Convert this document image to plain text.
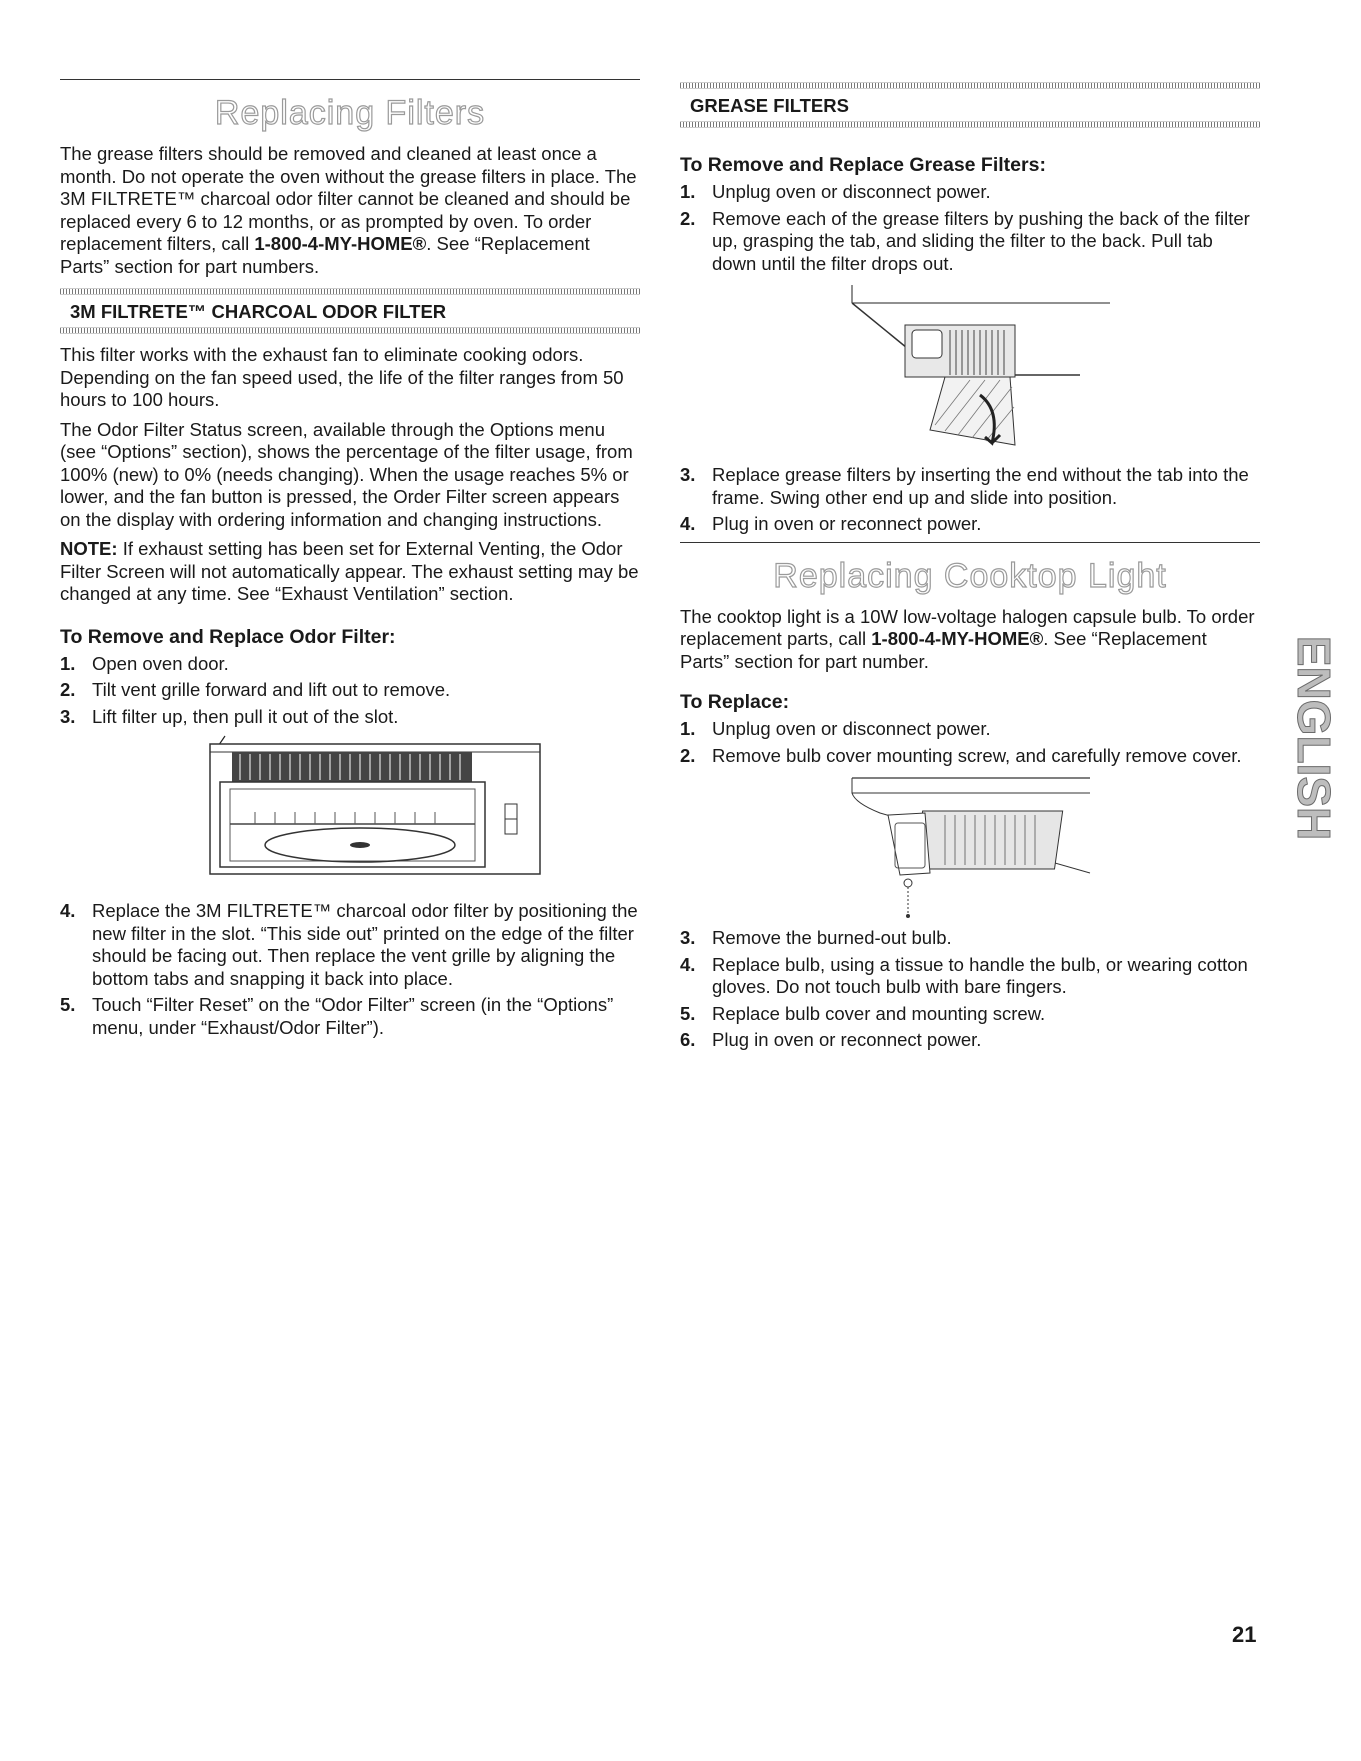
Replacing Filters

The grease filters should be removed and cleaned at least once a month. Do not operate the oven without the grease filters in place. The 3M FILTRETE™ charcoal odor filter cannot be cleaned and should be replaced every 6 to 12 months, or as prompted by oven. To order replacement filters, call 1-800-4-MY-HOME®. See “Replacement Parts” section for part numbers.

3M FILTRETE™ CHARCOAL ODOR FILTER

This filter works with the exhaust fan to eliminate cooking odors. Depending on the fan speed used, the life of the filter ranges from 50 hours to 100 hours.

The Odor Filter Status screen, available through the Options menu (see “Options” section), shows the percentage of the filter usage, from 100% (new) to 0% (needs changing). When the usage reaches 5% or lower, and the fan button is pressed, the Order Filter screen appears on the display with ordering information and changing instructions.

NOTE: If exhaust setting has been set for External Venting, the Odor Filter Screen will not automatically appear. The exhaust setting may be changed at any time. See “Exhaust Ventilation” section.

To Remove and Replace Odor Filter:
1. Open oven door.
2. Tilt vent grille forward and lift out to remove.
3. Lift filter up, then pull it out of the slot.
4. Replace the 3M FILTRETE™ charcoal odor filter by positioning the new filter in the slot. “This side out” printed on the edge of the filter should be facing out. Then replace the vent grille by aligning the bottom tabs and snapping it back into place.
5. Touch “Filter Reset” on the “Odor Filter” screen (in the “Options” menu, under “Exhaust/Odor Filter”).
GREASE FILTERS
To Remove and Replace Grease Filters:
1. Unplug oven or disconnect power.
2. Remove each of the grease filters by pushing the back of the filter up, grasping the tab, and sliding the filter to the back. Pull tab down until the filter drops out.
3. Replace grease filters by inserting the end without the tab into the frame. Swing other end up and slide into position.
4. Plug in oven or reconnect power.
Replacing Cooktop Light

The cooktop light is a 10W low-voltage halogen capsule bulb. To order replacement parts, call 1-800-4-MY-HOME®. See “Replacement Parts” section for part number.

To Replace:
1. Unplug oven or disconnect power.
2. Remove bulb cover mounting screw, and carefully remove cover.
3. Remove the burned-out bulb.
4. Replace bulb, using a tissue to handle the bulb, or wearing cotton gloves. Do not touch bulb with bare fingers.
5. Replace bulb cover and mounting screw.
6. Plug in oven or reconnect power.
ENGLISH
21
